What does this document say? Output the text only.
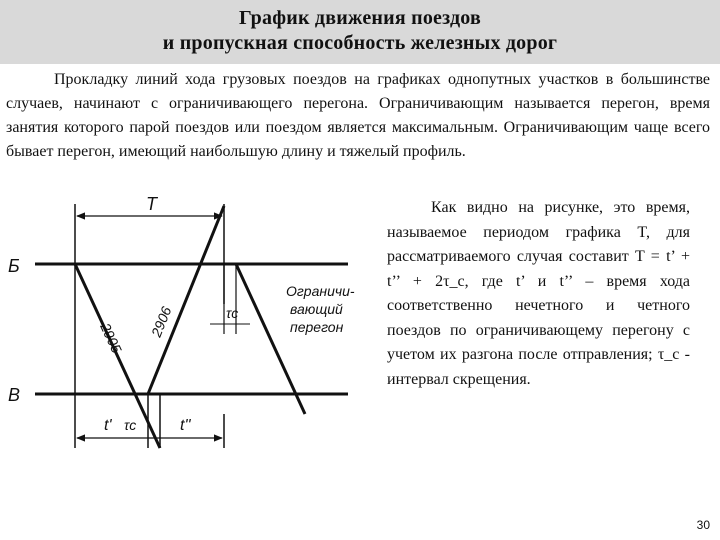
График движения поездов
и пропускная способность железных дорог

Прокладку линий хода грузовых поездов на графиках однопутных участков в большинстве случаев, начинают с ограничивающего перегона. Ограничивающим называется перегон, время занятия которого парой поездов или поездом является максимальным. Ограничивающим чаще всего бывает перегон, имеющий наибольшую длину и тяжелый профиль.

Б
В
T
2905 2906	τc
Ограничи-
вающий
перегон
t' τc	t''

Как видно на рисунке, это время, называемое периодом графика T, для рассматриваемого случая составит T = t’ + t’’ + 2τ_c, где t’ и t’’ – время хода соответственно нечетного и четного поездов по ограничивающему перегону с учетом их разгона после отправления; τ_c - интервал скрещения.

30
